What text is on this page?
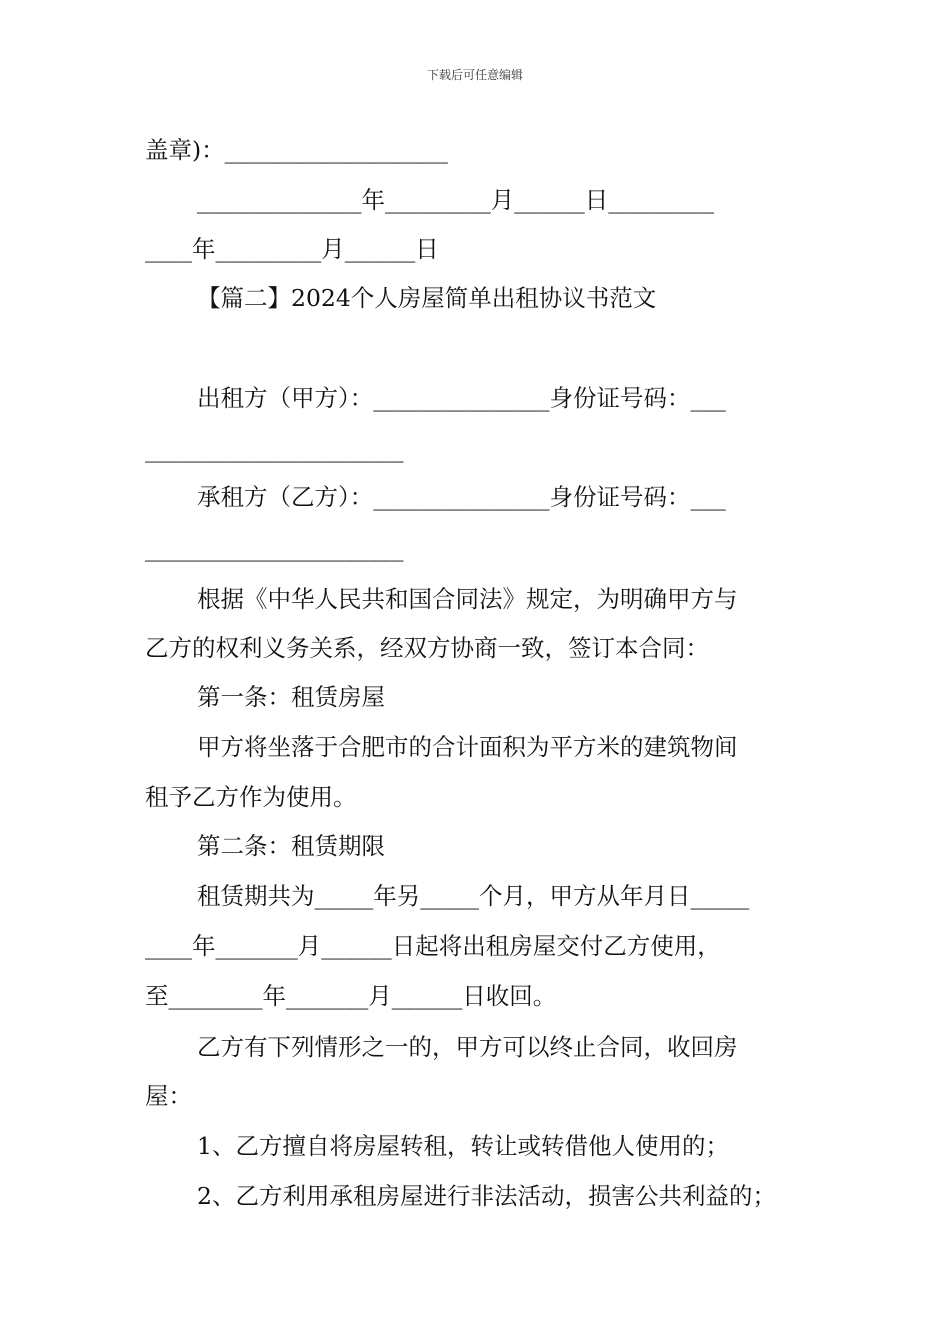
下载后可任意编辑
盖章)：___________________
______________年_________月______日_________
____年_________月______日
【篇二】2024个人房屋简单出租协议书范文
出租方（甲方）：_______________身份证号码：___
______________________
承租方（乙方）：_______________身份证号码：___
______________________
根据《中华人民共和国合同法》规定，为明确甲方与
乙方的权利义务关系，经双方协商一致，签订本合同：
第一条：租赁房屋
甲方将坐落于合肥市的合计面积为平方米的建筑物间
租予乙方作为使用。
第二条：租赁期限
租赁期共为_____年另_____个月，甲方从年月日_____
____年_______月______日起将出租房屋交付乙方使用，
至________年_______月______日收回。
乙方有下列情形之一的，甲方可以终止合同，收回房
屋：
1、乙方擅自将房屋转租，转让或转借他人使用的；
2、乙方利用承租房屋进行非法活动，损害公共利益的；
